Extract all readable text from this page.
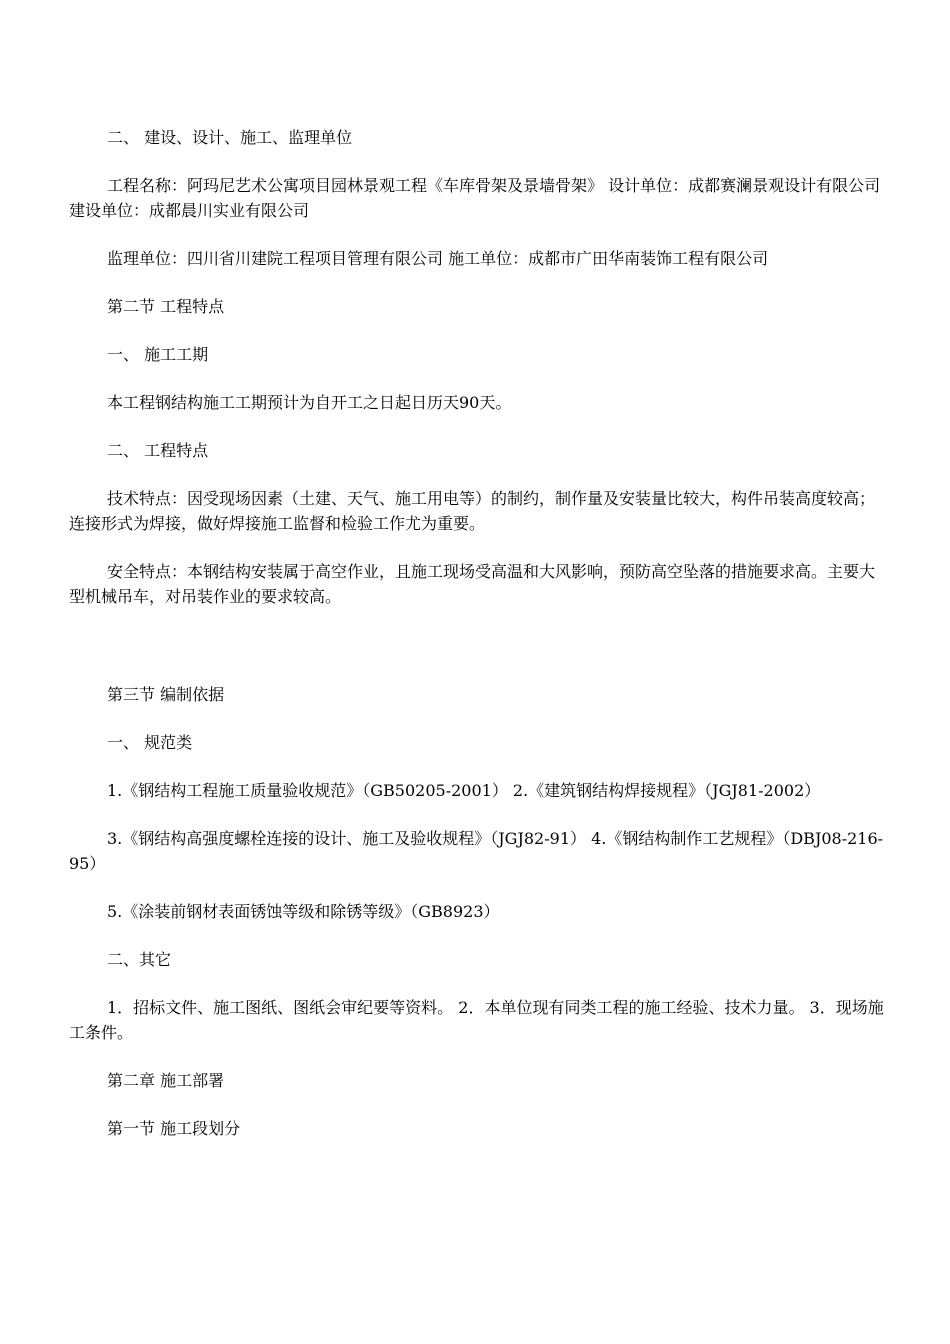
二、 建设、设计、施工、监理单位

工程名称：阿玛尼艺术公寓项目园林景观工程《车库骨架及景墙骨架》 设计单位：成都赛澜景观设计有限公司 建设单位：成都晨川实业有限公司

监理单位：四川省川建院工程项目管理有限公司 施工单位：成都市广田华南装饰工程有限公司

第二节 工程特点

一、 施工工期

本工程钢结构施工工期预计为自开工之日起日历天90天。

二、 工程特点

技术特点：因受现场因素（土建、天气、施工用电等）的制约，制作量及安装量比较大，构件吊装高度较高；连接形式为焊接，做好焊接施工监督和检验工作尤为重要。

安全特点：本钢结构安装属于高空作业，且施工现场受高温和大风影响，预防高空坠落的措施要求高。主要大型机械吊车，对吊装作业的要求较高。

第三节 编制依据

一、 规范类

1.《钢结构工程施工质量验收规范》（GB50205-2001） 2.《建筑钢结构焊接规程》（JGJ81-2002）

3.《钢结构高强度螺栓连接的设计、施工及验收规程》（JGJ82-91） 4.《钢结构制作工艺规程》（DBJ08-216-95）

5.《涂装前钢材表面锈蚀等级和除锈等级》（GB8923）

二、其它

1．招标文件、施工图纸、图纸会审纪要等资料。 2．本单位现有同类工程的施工经验、技术力量。 3．现场施工条件。

第二章 施工部署

第一节 施工段划分
